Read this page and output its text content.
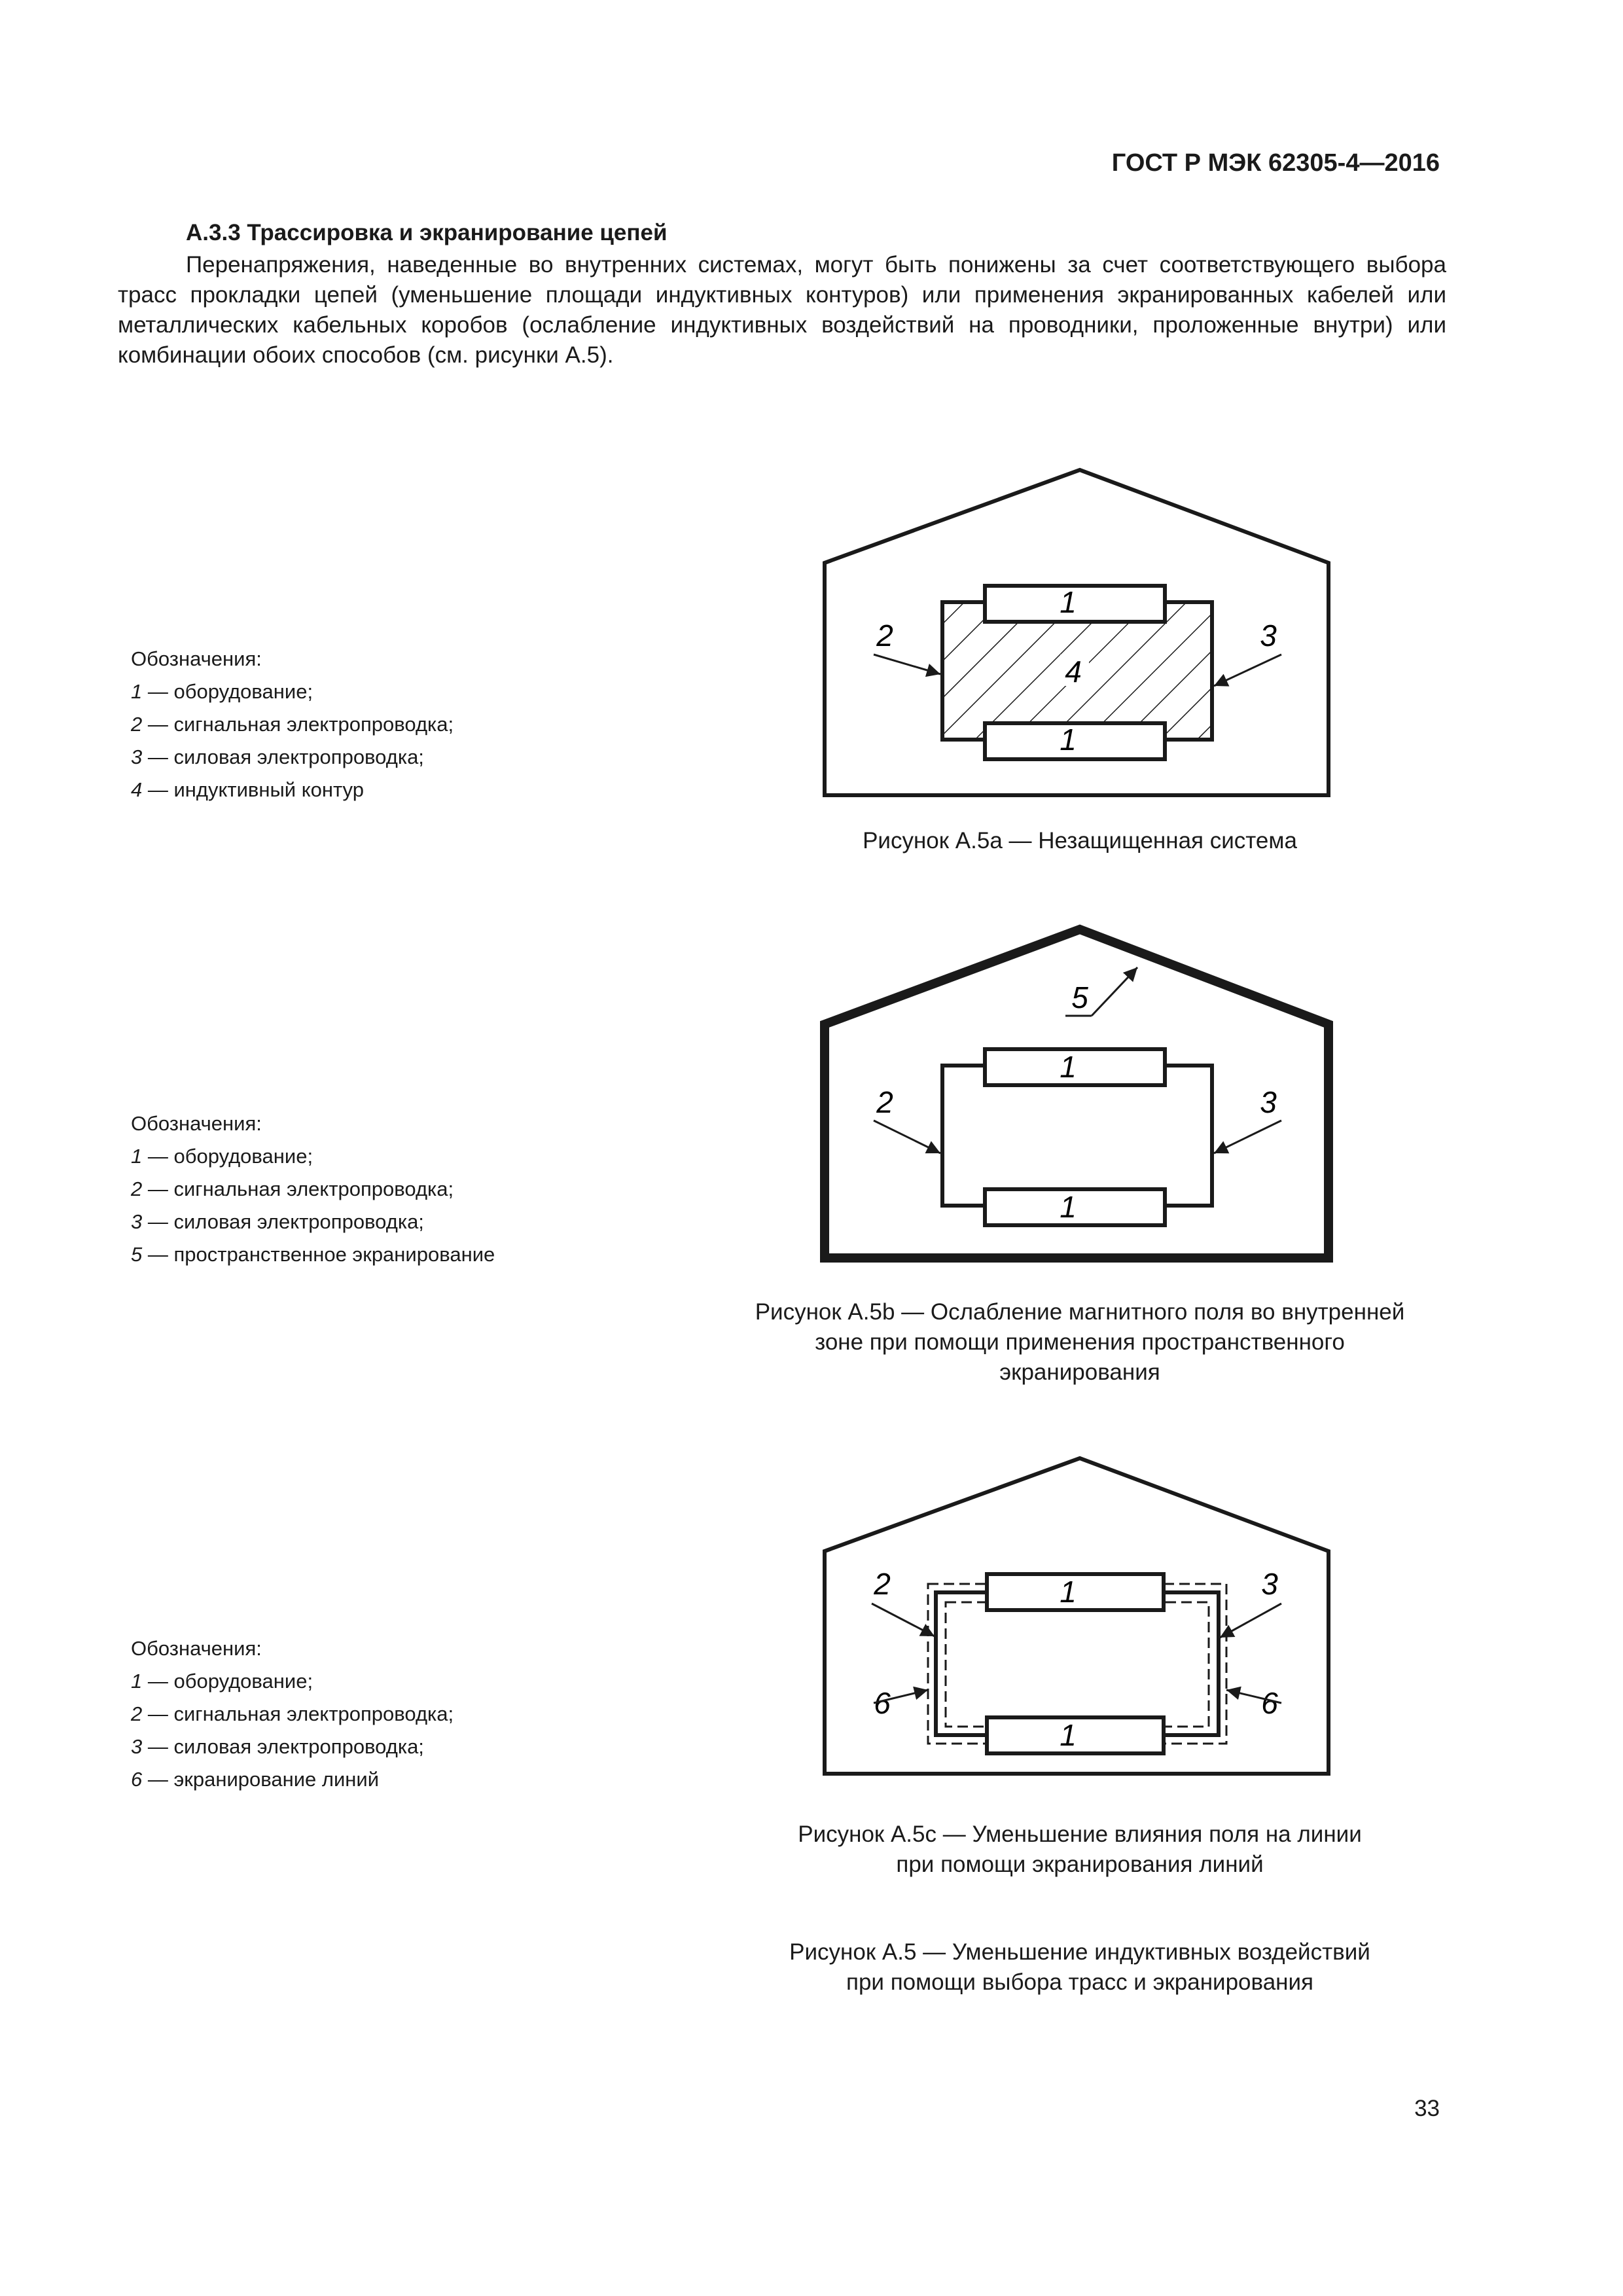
ГОСТ Р МЭК 62305-4—2016
А.3.3 Трассировка и экранирование цепей

Перенапряжения, наведенные во внутренних системах, могут быть понижены за счет соответствующего выбора трасс прокладки цепей (уменьшение площади индуктивных контуров) или применения экранированных кабелей или металлических кабельных коробов (ослабление индуктивных воздействий на проводники, проложенные внутри) или комбинации обоих способов (см. рисунки А.5).

Обозначения:
1 — оборудование;
2 — сигнальная электропроводка;
3 — силовая электропроводка;
4 — индуктивный контур
1
1
4
2	3
Рисунок А.5а — Незащищенная система
Обозначения:
1 — оборудование;
2 — сигнальная электропроводка;
3 — силовая электропроводка;
5 — пространственное экранирование
1
1
5
2	3
Рисунок А.5b — Ослабление магнитного поля во внутренней
зоне при помощи применения пространственного
экранирования
Обозначения:
1 — оборудование;
2 — сигнальная электропроводка;
3 — силовая электропроводка;
6 — экранирование линий
1
1
2	3
6	6
Рисунок А.5с — Уменьшение влияния поля на линии
при помощи экранирования линий
Рисунок А.5 — Уменьшение индуктивных воздействий
при помощи выбора трасс и экранирования
33
